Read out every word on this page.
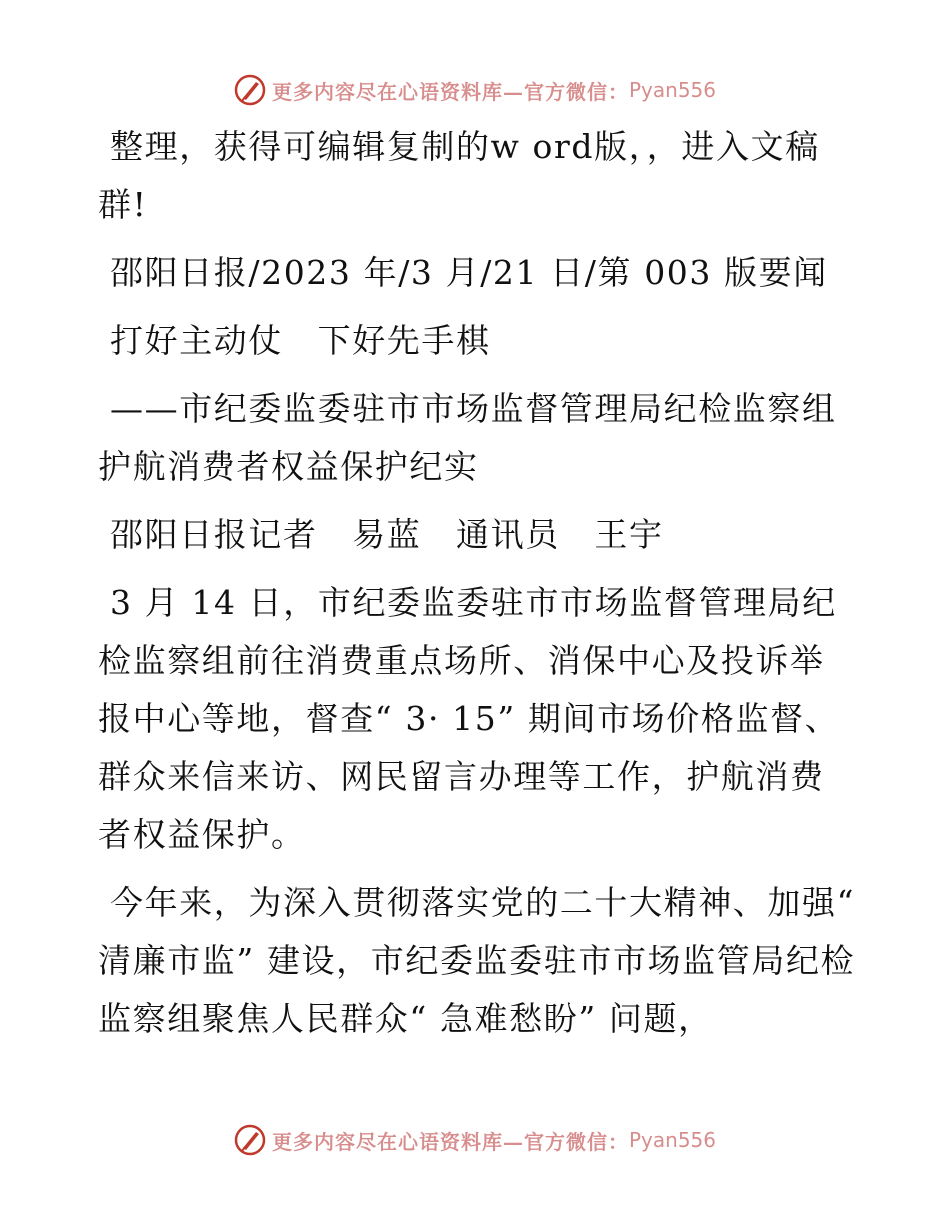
更多内容尽在心语资料库—官方微信： Pyan556
整理，获得可编辑复制的w ord版，，进入文稿群!
邵阳日报/2023 年/3 月/21 日/第 003 版要闻
打好主动仗　下好先手棋
——市纪委监委驻市市场监督管理局纪检监察组护航消费者权益保护纪实
邵阳日报记者　易蓝　通讯员　王宇
3 月 14 日，市纪委监委驻市市场监督管理局纪检监察组前往消费重点场所、消保中心及投诉举报中心等地，督查“ 3· 15” 期间市场价格监督、群众来信来访、网民留言办理等工作，护航消费者权益保护。
今年来，为深入贯彻落实党的二十大精神、加强“ 清廉市监” 建设，市纪委监委驻市市场监管局纪检监察组聚焦人民群众“ 急难愁盼” 问题，
更多内容尽在心语资料库—官方微信： Pyan556
